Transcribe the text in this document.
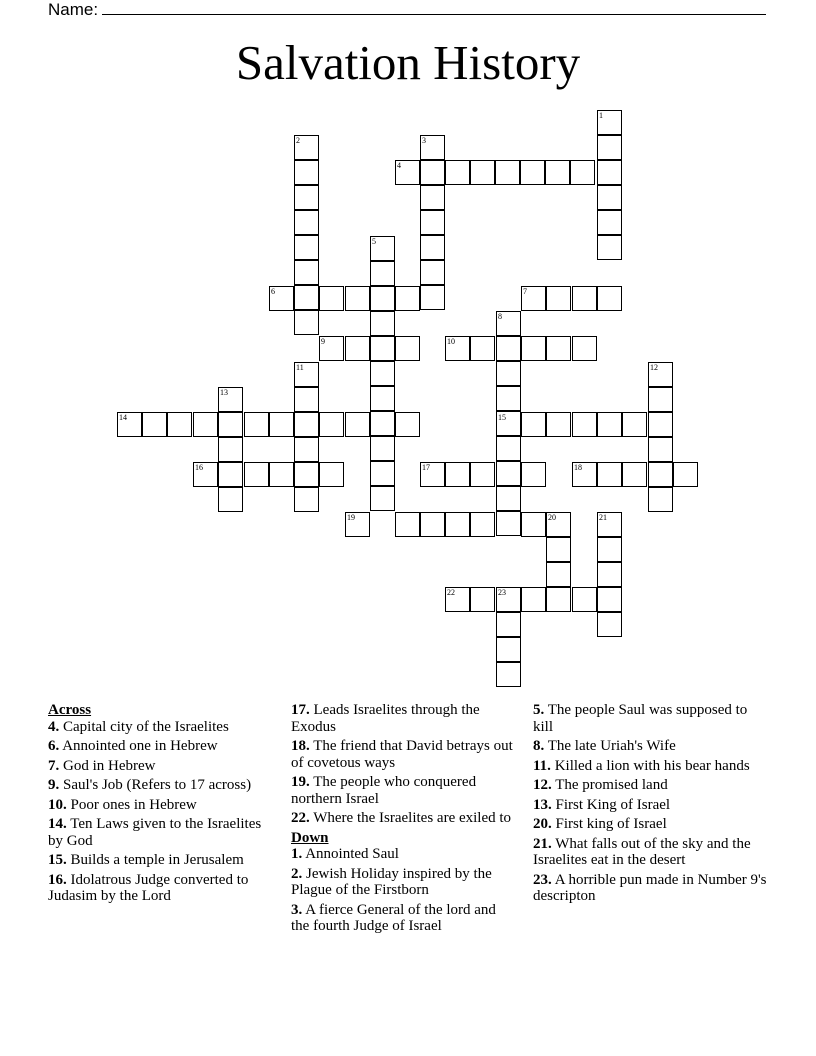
Name:
Salvation History
1
2	3
4
5
6	7
8
9	10
11	12
13
14	15
16	17	18
19	20	21
22	23
Across
4. Capital city of the Israelites
6. Annointed one in Hebrew
7. God in Hebrew
9. Saul's Job (Refers to 17 across)
10. Poor ones in Hebrew
14. Ten Laws given to the Israelites by God
15. Builds a temple in Jerusalem
16. Idolatrous Judge converted to Judasim by the Lord
17. Leads Israelites through the Exodus
18. The friend that David betrays out of covetous ways
19. The people who conquered northern Israel
22. Where the Israelites are exiled to
Down
1. Annointed Saul
2. Jewish Holiday inspired by the Plague of the Firstborn
3. A fierce General of the lord and the fourth Judge of Israel
5. The people Saul was supposed to kill
8. The late Uriah's Wife
11. Killed a lion with his bear hands
12. The promised land
13. First King of Israel
20. First king of Israel
21. What falls out of the sky and the Israelites eat in the desert
23. A horrible pun made in Number 9's descripton
